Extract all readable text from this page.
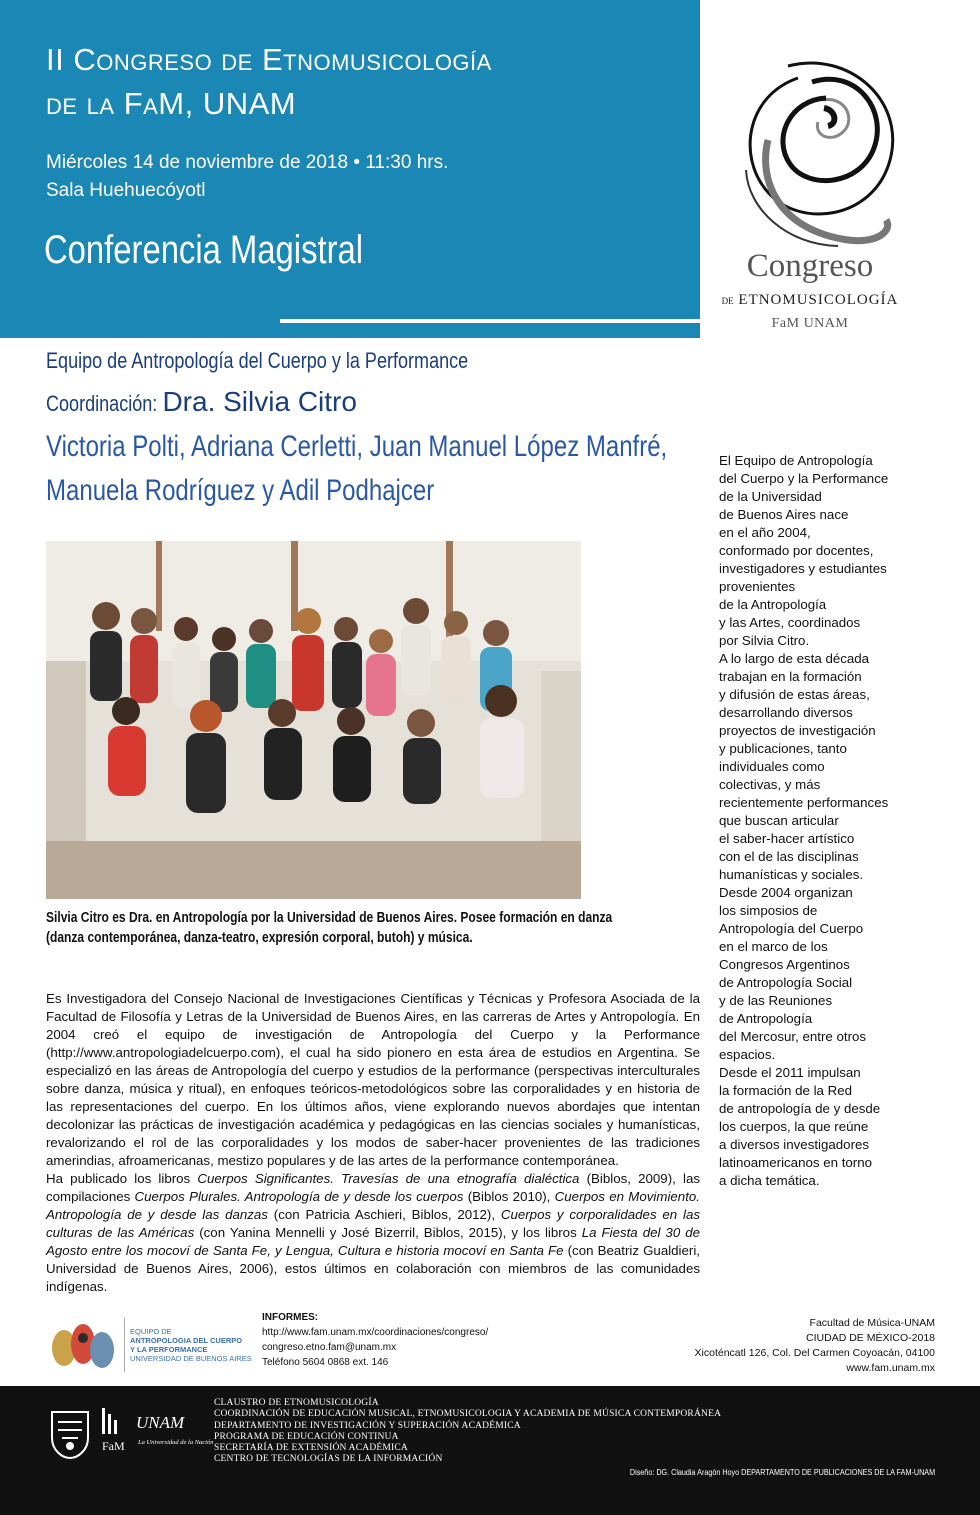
II Congreso de Etnomusicología
de la FaM, UNAM
Miércoles 14 de noviembre de 2018 • 11:30 hrs.
Sala Huehuecóyotl
Conferencia Magistral	Congreso
DE ETNOMUSICOLOGÍA
FaM UNAM
Equipo de Antropología del Cuerpo y la Performance
Coordinación: Dra. Silvia Citro
Victoria Polti, Adriana Cerletti, Juan Manuel López Manfré,
Manuela Rodríguez y Adil Podhajcer
Silvia Citro es Dra. en Antropología por la Universidad de Buenos Aires. Posee formación en danza
(danza contemporánea, danza-teatro, expresión corporal, butoh) y música.

Es Investigadora del Consejo Nacional de Investigaciones Científicas y Técnicas y Profesora Asociada de la Facultad de Filosofía y Letras de la Universidad de Buenos Aires, en las carreras de Artes y Antropología. En 2004 creó el equipo de investigación de Antropología del Cuerpo y la Performance (http://www.antropologiadelcuerpo.com), el cual ha sido pionero en esta área de estudios en Argentina. Se especializó en las áreas de Antropología del cuerpo y estudios de la performance (perspectivas interculturales sobre danza, música y ritual), en enfoques teóricos-metodológicos sobre las corporalidades y en historia de las representaciones del cuerpo. En los últimos años, viene explorando nuevos abordajes que intentan decolonizar las prácticas de investigación académica y pedagógicas en las ciencias sociales y humanísticas, revalorizando el rol de las corporalidades y los modos de saber-hacer provenientes de las tradiciones amerindias, afroamericanas, mestizo populares y de las artes de la performance contemporánea.

Ha publicado los libros Cuerpos Significantes. Travesías de una etnografía dialéctica (Biblos, 2009), las compilaciones Cuerpos Plurales. Antropología de y desde los cuerpos (Biblos 2010), Cuerpos en Movimiento. Antropología de y desde las danzas (con Patricia Aschieri, Biblos, 2012), Cuerpos y corporalidades en las culturas de las Américas (con Yanina Mennelli y José Bizerril, Biblos, 2015), y los libros La Fiesta del 30 de Agosto entre los mocoví de Santa Fe, y Lengua, Cultura e historia mocoví en Santa Fe (con Beatriz Gualdieri, Universidad de Buenos Aires, 2006), estos últimos en colaboración con miembros de las comunidades indígenas.

El Equipo de Antropología
del Cuerpo y la Performance
de la Universidad
de Buenos Aires nace
en el año 2004,
conformado por docentes,
investigadores y estudiantes
provenientes
de la Antropología
y las Artes, coordinados
por Silvia Citro.
A lo largo de esta década
trabajan en la formación
y difusión de estas áreas,
desarrollando diversos
proyectos de investigación
y publicaciones, tanto
individuales como
colectivas, y más
recientemente performances
que buscan articular
el saber-hacer artístico
con el de las disciplinas
humanísticas y sociales.
Desde 2004 organizan
los simposios de
Antropología del Cuerpo
en el marco de los
Congresos Argentinos
de Antropología Social
y de las Reuniones
de Antropología
del Mercosur, entre otros
espacios.
Desde el 2011 impulsan
la formación de la Red
de antropología de y desde
los cuerpos, la que reúne
a diversos investigadores
latinoamericanos en torno
a dicha temática.
EQUIPO DE
ANTROPOLOGIA DEL CUERPO
Y LA PERFORMANCE
UNIVERSIDAD DE BUENOS AIRES
INFORMES:
http://www.fam.unam.mx/coordinaciones/congreso/
congreso.etno.fam@unam.mx
Teléfono 5604 0868 ext. 146
Facultad de Música-UNAM
CIUDAD DE MÉXICO-2018
Xicoténcatl 126, Col. Del Carmen Coyoacán, 04100
www.fam.unam.mx
FaM
UNAM
La Universidad de la Nación
CLAUSTRO DE ETNOMUSICOLOGÍA
COORDINACIÓN DE EDUCACIÓN MUSICAL, ETNOMUSICOLOGIA Y ACADEMIA DE MÚSICA CONTEMPORÁNEA
DEPARTAMENTO DE INVESTIGACIÓN Y SUPERACIÓN ACADÉMICA
PROGRAMA DE EDUCACIÓN CONTINUA
SECRETARÍA DE EXTENSIÓN ACADÉMICA
CENTRO DE TECNOLOGÍAS DE LA INFORMACIÓN
Diseño: DG. Claudia Aragón Hoyo DEPARTAMENTO DE PUBLICACIONES DE LA FAM-UNAM
